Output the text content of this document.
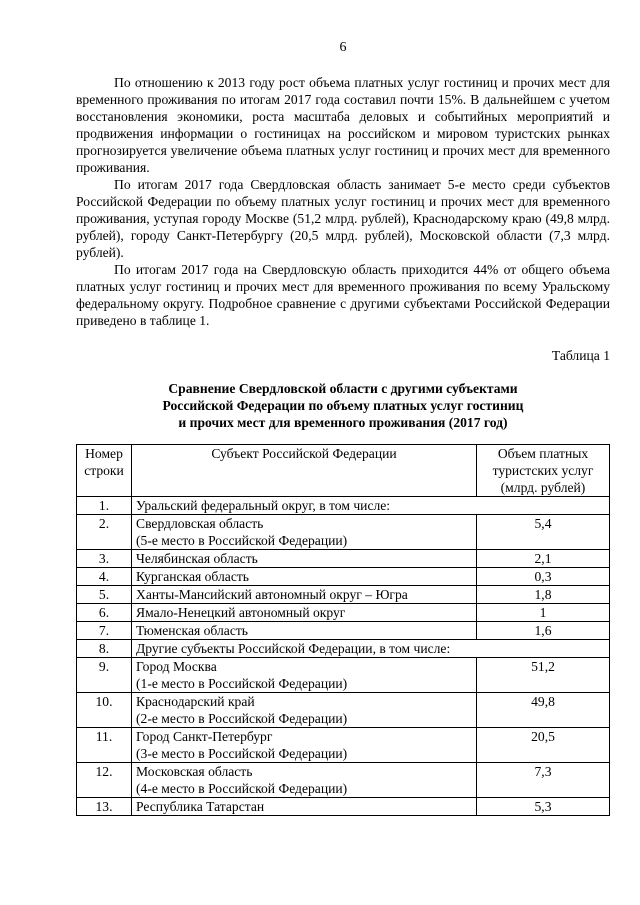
6

По отношению к 2013 году рост объема платных услуг гостиниц и прочих мест для временного проживания по итогам 2017 года составил почти 15%. В дальнейшем с учетом восстановления экономики, роста масштаба деловых и событийных мероприятий и продвижения информации о гостиницах на российском и мировом туристских рынках прогнозируется увеличение объема платных услуг гостиниц и прочих мест для временного проживания.

По итогам 2017 года Свердловская область занимает 5-е место среди субъектов Российской Федерации по объему платных услуг гостиниц и прочих мест для временного проживания, уступая городу Москве (51,2 млрд. рублей), Краснодарскому краю (49,8 млрд. рублей), городу Санкт-Петербургу (20,5 млрд. рублей), Московской области (7,3 млрд. рублей).

По итогам 2017 года на Свердловскую область приходится 44% от общего объема платных услуг гостиниц и прочих мест для временного проживания по всему Уральскому федеральному округу. Подробное сравнение с другими субъектами Российской Федерации приведено в таблице 1.

Таблица 1
Сравнение Свердловской области с другими субъектами
Российской Федерации по объему платных услуг гостиниц
и прочих мест для временного проживания (2017 год)
Номер
строки	Субъект Российской Федерации	Объем платных
туристских услуг
(млрд. рублей)

1.	Уральский федеральный округ, в том числе:	

2.	Свердловская область
(5-е место в Российской Федерации)	5,4
3.	Челябинская область	2,1
4.	Курганская область	0,3
5.	Ханты-Мансийский автономный округ – Югра	1,8
6.	Ямало-Ненецкий автономный округ	1
7.	Тюменская область	1,6
8.	Другие субъекты Российской Федерации, в том числе:	

9.	Город Москва
(1-е место в Российской Федерации)	51,2
10.	Краснодарский край
(2-е место в Российской Федерации)	49,8
11.	Город Санкт-Петербург
(3-е место в Российской Федерации)	20,5
12.	Московская область
(4-е место в Российской Федерации)	7,3
13.	Республика Татарстан	5,3
